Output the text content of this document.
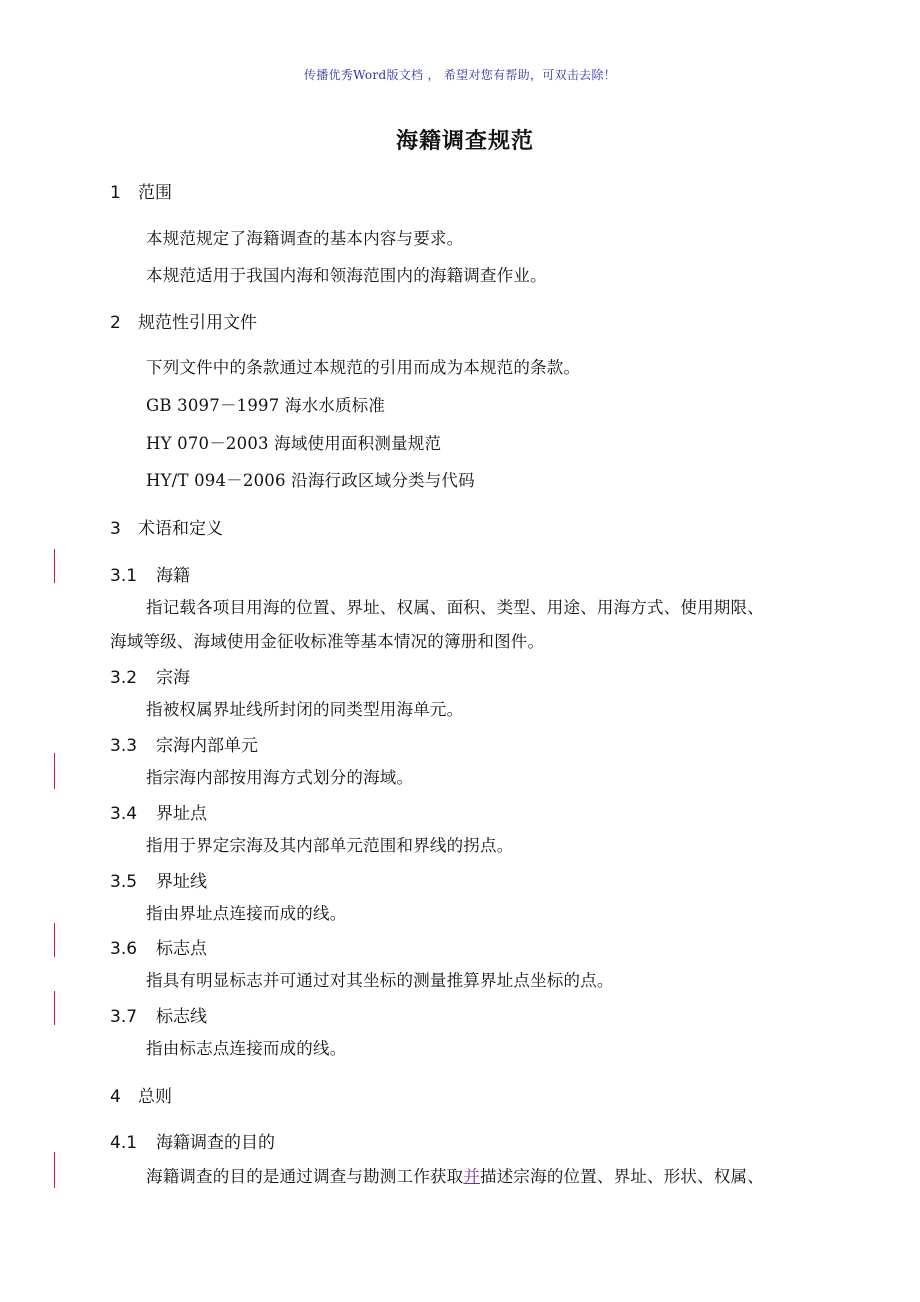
传播优秀Word版文档 ， 希望对您有帮助，可双击去除！
海籍调查规范
1 范围
本规范规定了海籍调查的基本内容与要求。
本规范适用于我国内海和领海范围内的海籍调查作业。
2 规范性引用文件
下列文件中的条款通过本规范的引用而成为本规范的条款。
GB 3097－1997 海水水质标准
HY 070－2003 海域使用面积测量规范
HY/T 094－2006 沿海行政区域分类与代码
3 术语和定义
3.1 海籍
指记载各项目用海的位置、界址、权属、面积、类型、用途、用海方式、使用期限、
海域等级、海域使用金征收标准等基本情况的簿册和图件。
3.2 宗海
指被权属界址线所封闭的同类型用海单元。
3.3 宗海内部单元
指宗海内部按用海方式划分的海域。
3.4 界址点
指用于界定宗海及其内部单元范围和界线的拐点。
3.5 界址线
指由界址点连接而成的线。
3.6 标志点
指具有明显标志并可通过对其坐标的测量推算界址点坐标的点。
3.7 标志线
指由标志点连接而成的线。
4 总则
4.1 海籍调查的目的
海籍调查的目的是通过调查与勘测工作获取并描述宗海的位置、界址、形状、权属、
